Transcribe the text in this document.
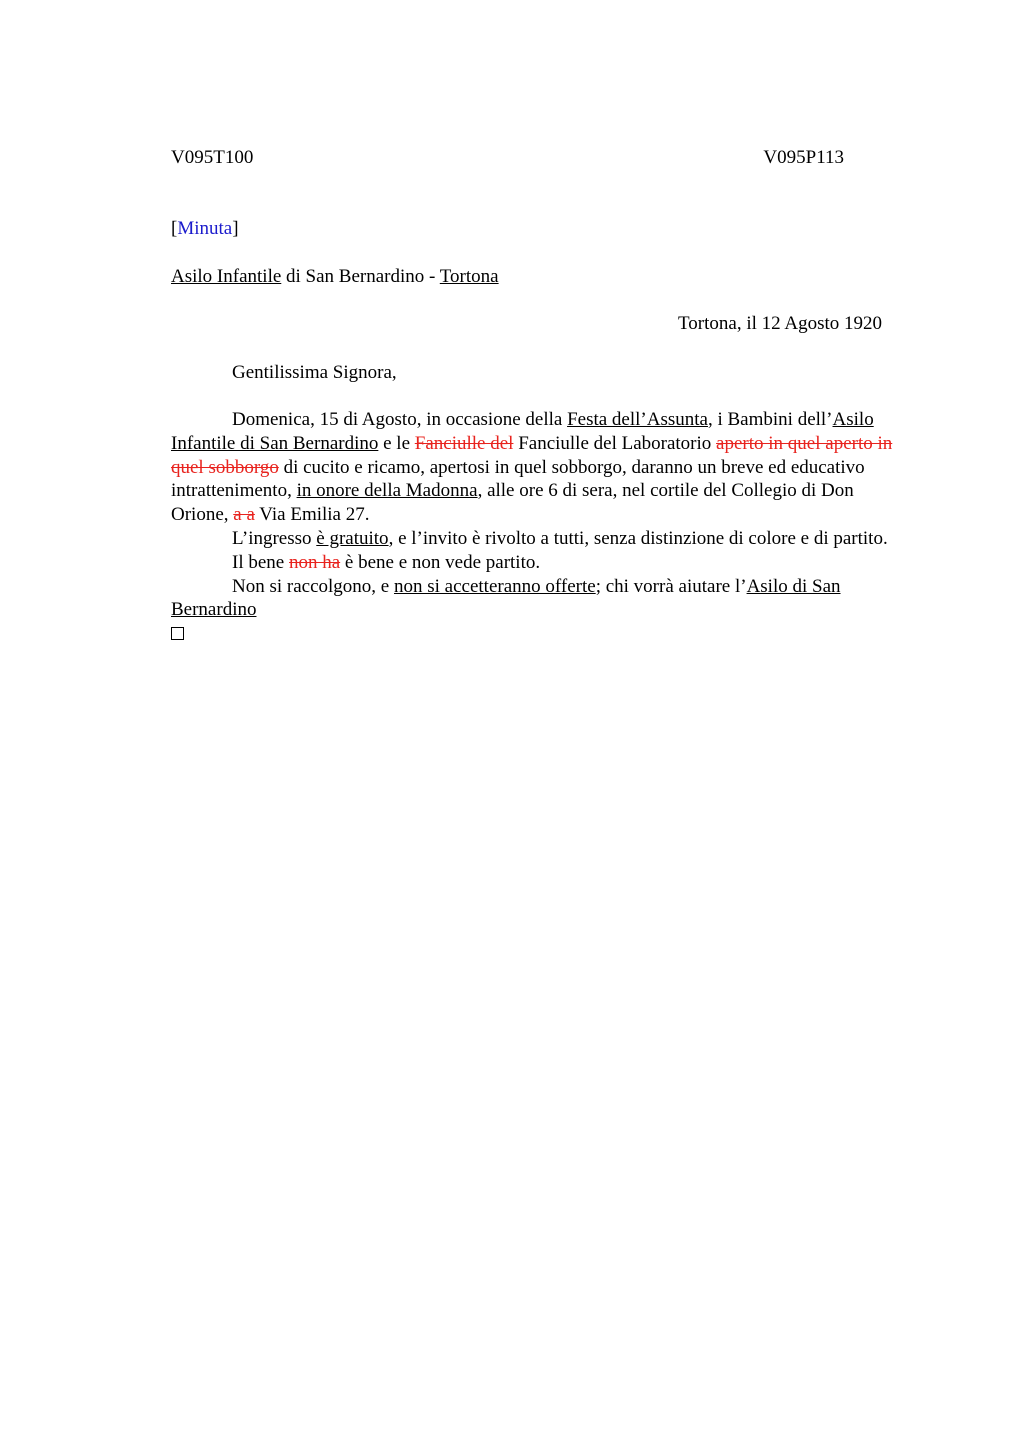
V095T100	V095P113
[Minuta]
Asilo Infantile di San Bernardino - Tortona
Tortona, il 12 Agosto 1920
Gentilissima Signora,

Domenica, 15 di Agosto, in occasione della Festa dell’Assunta, i Bambini dell’Asilo Infantile di San Bernardino e le Fanciulle del Fanciulle del Laboratorio aperto in quel aperto in quel sobborgo di cucito e ricamo, apertosi in quel sobborgo, daranno un breve ed educativo intrattenimento, in onore della Madonna, alle ore 6 di sera, nel cortile del Collegio di Don Orione, a a Via Emilia 27.

L’ingresso è gratuito, e l’invito è rivolto a tutti, senza distinzione di colore e di partito.

Il bene non ha è bene e non vede partito.

Non si raccolgono, e non si accetteranno offerte; chi vorrà aiutare l’Asilo di San Bernardino
